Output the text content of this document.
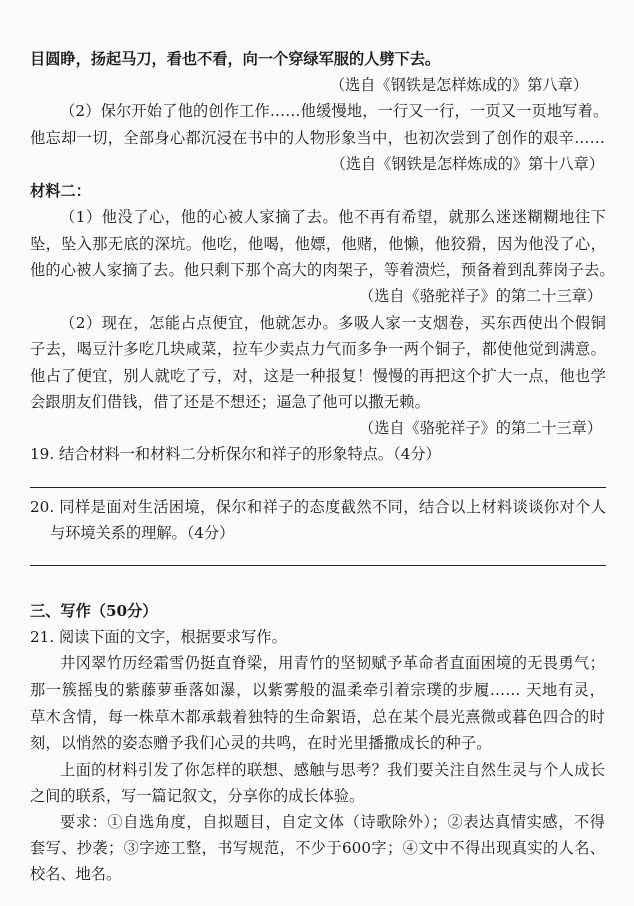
目圆睁，扬起马刀，看也不看，向一个穿绿军服的人劈下去。
（选自《钢铁是怎样炼成的》第八章）
（2）保尔开始了他的创作工作……他缓慢地，一行又一行，一页又一页地写着。
他忘却一切，全部身心都沉浸在书中的人物形象当中，也初次尝到了创作的艰辛……
（选自《钢铁是怎样炼成的》第十八章）
材料二：
（1）他没了心，他的心被人家摘了去。他不再有希望，就那么迷迷糊糊地往下
坠，坠入那无底的深坑。他吃，他喝，他嫖，他赌，他懒，他狡猾，因为他没了心，
他的心被人家摘了去。他只剩下那个高大的肉架子，等着溃烂，预备着到乱葬岗子去。
（选自《骆驼祥子》的第二十三章）
（2）现在，怎能占点便宜，他就怎办。多吸人家一支烟卷，买东西使出个假铜
子去，喝豆汁多吃几块咸菜，拉车少卖点力气而多争一两个铜子，都使他觉到满意。
他占了便宜，别人就吃了亏，对，这是一种报复！慢慢的再把这个扩大一点，他也学
会跟朋友们借钱，借了还是不想还；逼急了他可以撒无赖。
（选自《骆驼祥子》的第二十三章）
19. 结合材料一和材料二分析保尔和祥子的形象特点。（4分）
20. 同样是面对生活困境，保尔和祥子的态度截然不同，结合以上材料谈谈你对个人
与环境关系的理解。（4分）
三、写作（50分）
21. 阅读下面的文字，根据要求写作。
井冈翠竹历经霜雪仍挺直脊梁，用青竹的坚韧赋予革命者直面困境的无畏勇气；
那一簇摇曳的紫藤萝垂落如瀑，以紫雾般的温柔牵引着宗璞的步履…… 天地有灵，
草木含情，每一株草木都承载着独特的生命絮语，总在某个晨光熹微或暮色四合的时
刻，以悄然的姿态赠予我们心灵的共鸣，在时光里播撒成长的种子。
上面的材料引发了你怎样的联想、感触与思考？我们要关注自然生灵与个人成长
之间的联系，写一篇记叙文，分享你的成长体验。
要求：①自选角度，自拟题目，自定文体（诗歌除外）；②表达真情实感，不得
套写、抄袭；③字迹工整，书写规范，不少于600字；④文中不得出现真实的人名、
校名、地名。
